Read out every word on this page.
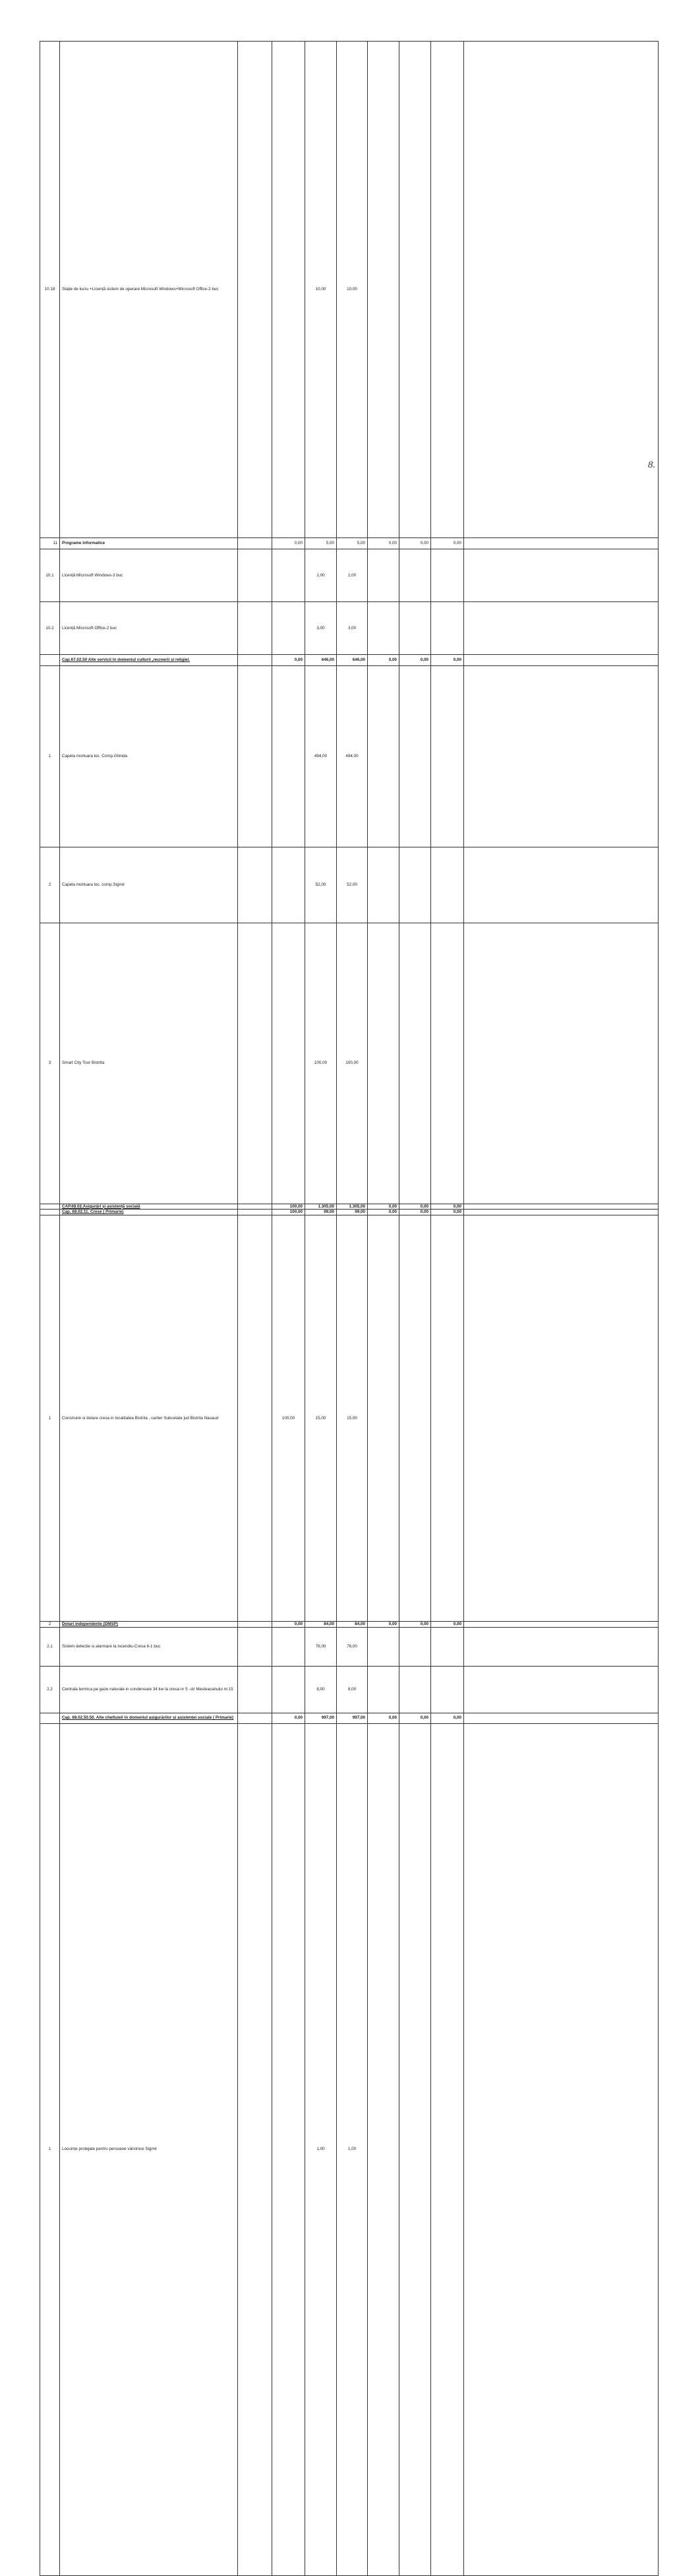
10.18	Stație de lucru +Licență sistem de operare Microsoft Windows+Microsoft Office-2 buc			10,00	10,00					
11	Programe informatice		0,00	5,00	5,00	0,00	0,00	0,00		
10.1	Licență Microsoft Windows-3 buc			2,00	2,00					
10.2	Licență Microsoft Office-2 buc			3,00	3,00					
	Cap.67.02.50 Alte servicii în domeniul culturii ,recreerii și religiei.		0,00	646,00	646,00	0,00	0,00	0,00		
1	Capela mortuara loc. Comp.Ghinda			494,00	494,00					
2	Capela mortuara loc. comp.Sigmir			52,00	52,00					
3	Smart City Tour Bistrita			100,00	100,00					
	CAP.68.02.Asigurări și asistență socială		100,00	1.305,00	1.305,00	0,00	0,00	0,00		
	Cap. 68.02.11. Crese ( Primarie)		100,00	99,00	99,00	0,00	0,00	0,00		
1	Construire si dotare cresa in localitatea Bistrita , cartier Subcetate jud Bistrita Nasaud		100,00	15,00	15,00					
2	Dotari independente (DMSP)		0,00	84,00	84,00	0,00	0,00	0,00		
2.1	Sistem detectie si alarmare la incendiu-Cresa 6-1 buc			76,00	76,00					
2.2	Centrala termica pe gaze naturale in condensare 34 kw la cresa nr 5 -str Mesteacanului nr.15			8,00	8,00					
	Cap. 68.02.50.50. Alte cheltuieli în domeniul asigurărilor și asistenței sociale ( Primarie)		0,00	997,00	997,00	0,00	0,00	0,00		
1	Locuințe protejate pentru persoane vârstnice Sigmir			1,00	1,00					
8.
